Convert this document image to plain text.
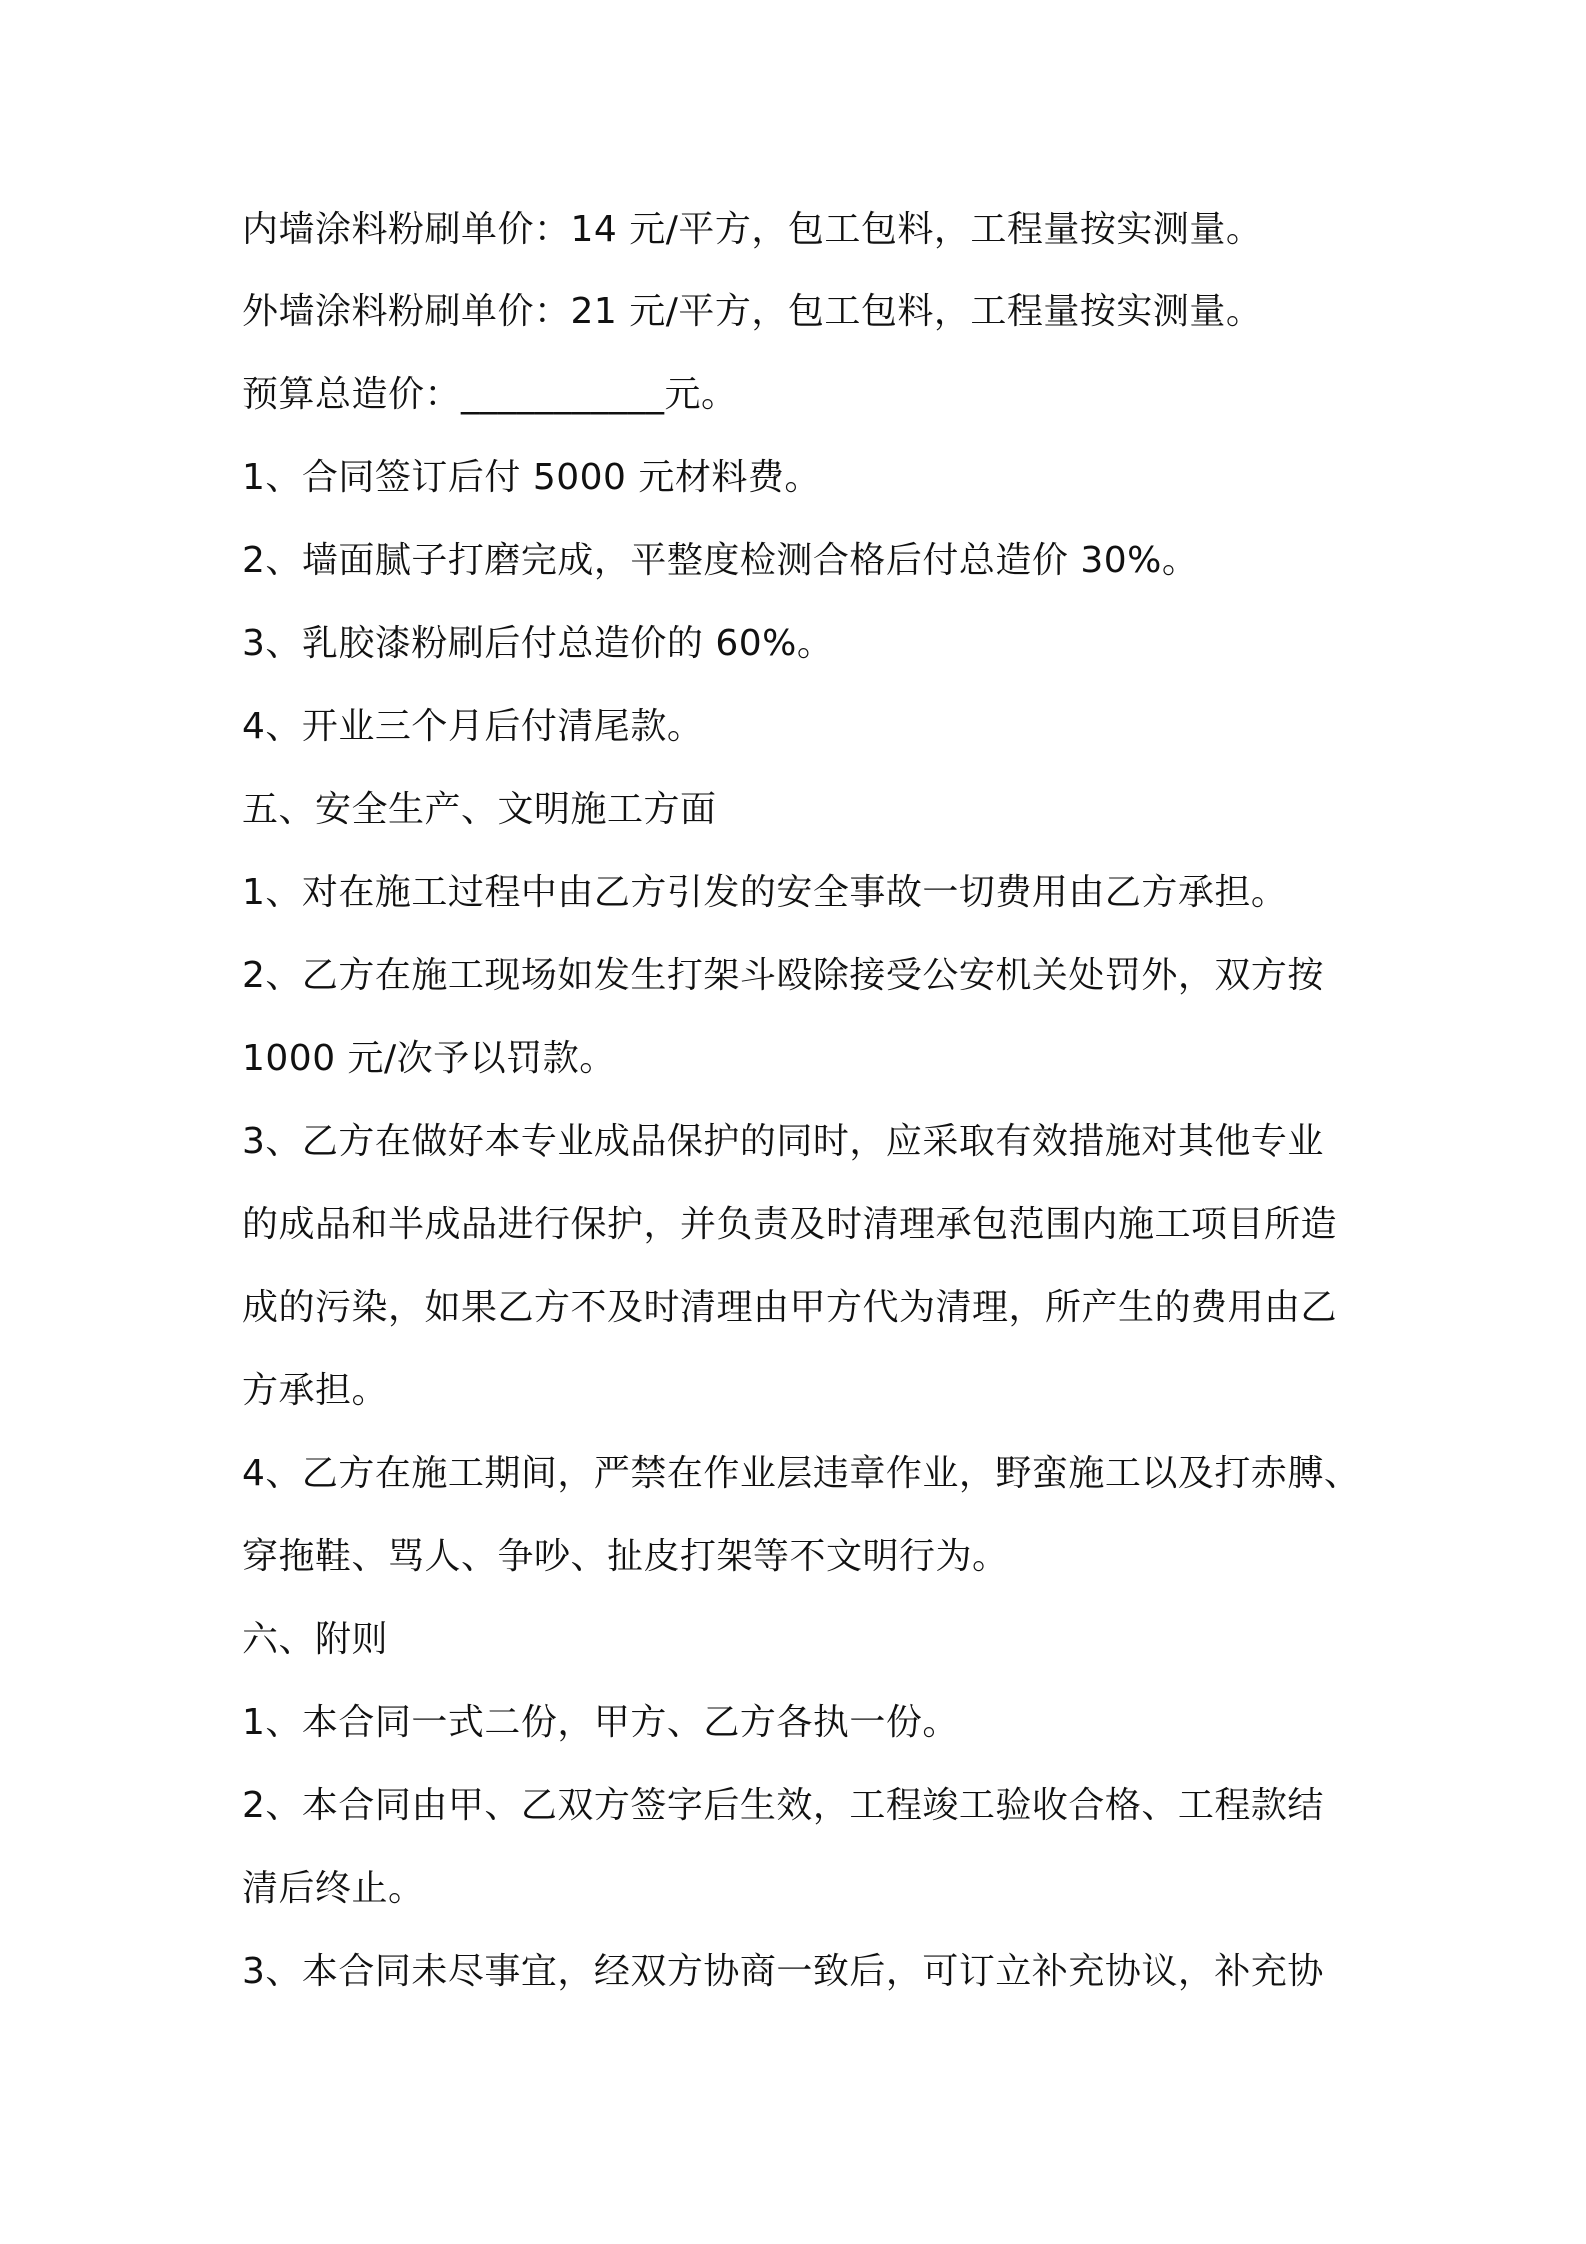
内墙涂料粉刷单价：14 元/平方，包工包料，工程量按实测量。
外墙涂料粉刷单价：21 元/平方，包工包料，工程量按实测量。
预算总造价：___________元。
1、合同签订后付 5000 元材料费。
2、墙面腻子打磨完成，平整度检测合格后付总造价 30%。
3、乳胶漆粉刷后付总造价的 60%。
4、开业三个月后付清尾款。
五、安全生产、文明施工方面
1、对在施工过程中由乙方引发的安全事故一切费用由乙方承担。
2、乙方在施工现场如发生打架斗殴除接受公安机关处罚外，双方按
1000 元/次予以罚款。
3、乙方在做好本专业成品保护的同时，应采取有效措施对其他专业
的成品和半成品进行保护，并负责及时清理承包范围内施工项目所造
成的污染，如果乙方不及时清理由甲方代为清理，所产生的费用由乙
方承担。
4、乙方在施工期间，严禁在作业层违章作业，野蛮施工以及打赤膊、
穿拖鞋、骂人、争吵、扯皮打架等不文明行为。
六、附则
1、本合同一式二份，甲方、乙方各执一份。
2、本合同由甲、乙双方签字后生效，工程竣工验收合格、工程款结
清后终止。
3、本合同未尽事宜，经双方协商一致后，可订立补充协议，补充协
